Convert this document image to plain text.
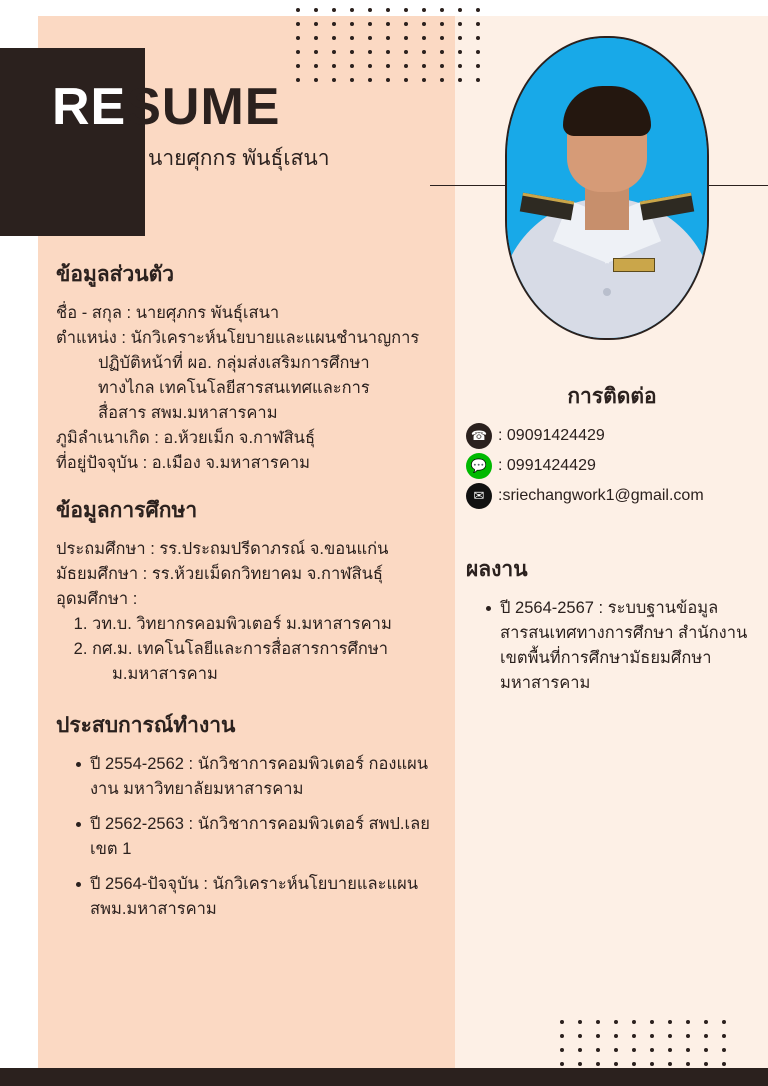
RESUME
นายศุกกร พันธุ์เสนา
ข้อมูลส่วนตัว

ชื่อ - สกุล : นายศุภกร พันธุ์เสนา

ตำแหน่ง : นักวิเคราะห์นโยบายและแผนชำนาญการ

ปฏิบัติหน้าที่ ผอ. กลุ่มส่งเสริมการศึกษา

ทางไกล เทคโนโลยีสารสนเทศและการ

สื่อสาร สพม.มหาสารคาม

ภูมิลำเนาเกิด : อ.ห้วยเม็ก จ.กาฬสินธุ์

ที่อยู่ปัจจุบัน : อ.เมือง จ.มหาสารคาม

ข้อมูลการศึกษา

ประถมศึกษา : รร.ประถมปรีดาภรณ์ จ.ขอนแก่น

มัธยมศึกษา : รร.ห้วยเม็ดกวิทยาคม จ.กาฬสินธุ์

อุดมศึกษา :

1. วท.บ. วิทยากรคอมพิวเตอร์ ม.มหาสารคาม
2. กศ.ม. เทคโนโลยีและการสื่อสารการศึกษา

ม.มหาสารคาม

ประสบการณ์ทำงาน
ปี 2554-2562 : นักวิชาการคอมพิวเตอร์ กองแผนงาน มหาวิทยาลัยมหาสารคาม
ปี 2562-2563 : นักวิชาการคอมพิวเตอร์ สพป.เลย เขต 1
ปี 2564-ปัจจุบัน : นักวิเคราะห์นโยบายและแผน สพม.มหาสารคาม
การติดต่อ
☎ : 09091424429
💬 : 0991424429
✉ :sriechangwork1@gmail.com
ผลงาน
ปี 2564-2567 : ระบบฐานข้อมูลสารสนเทศทางการศึกษา สำนักงานเขตพื้นที่การศึกษามัธยมศึกษามหาสารคาม
